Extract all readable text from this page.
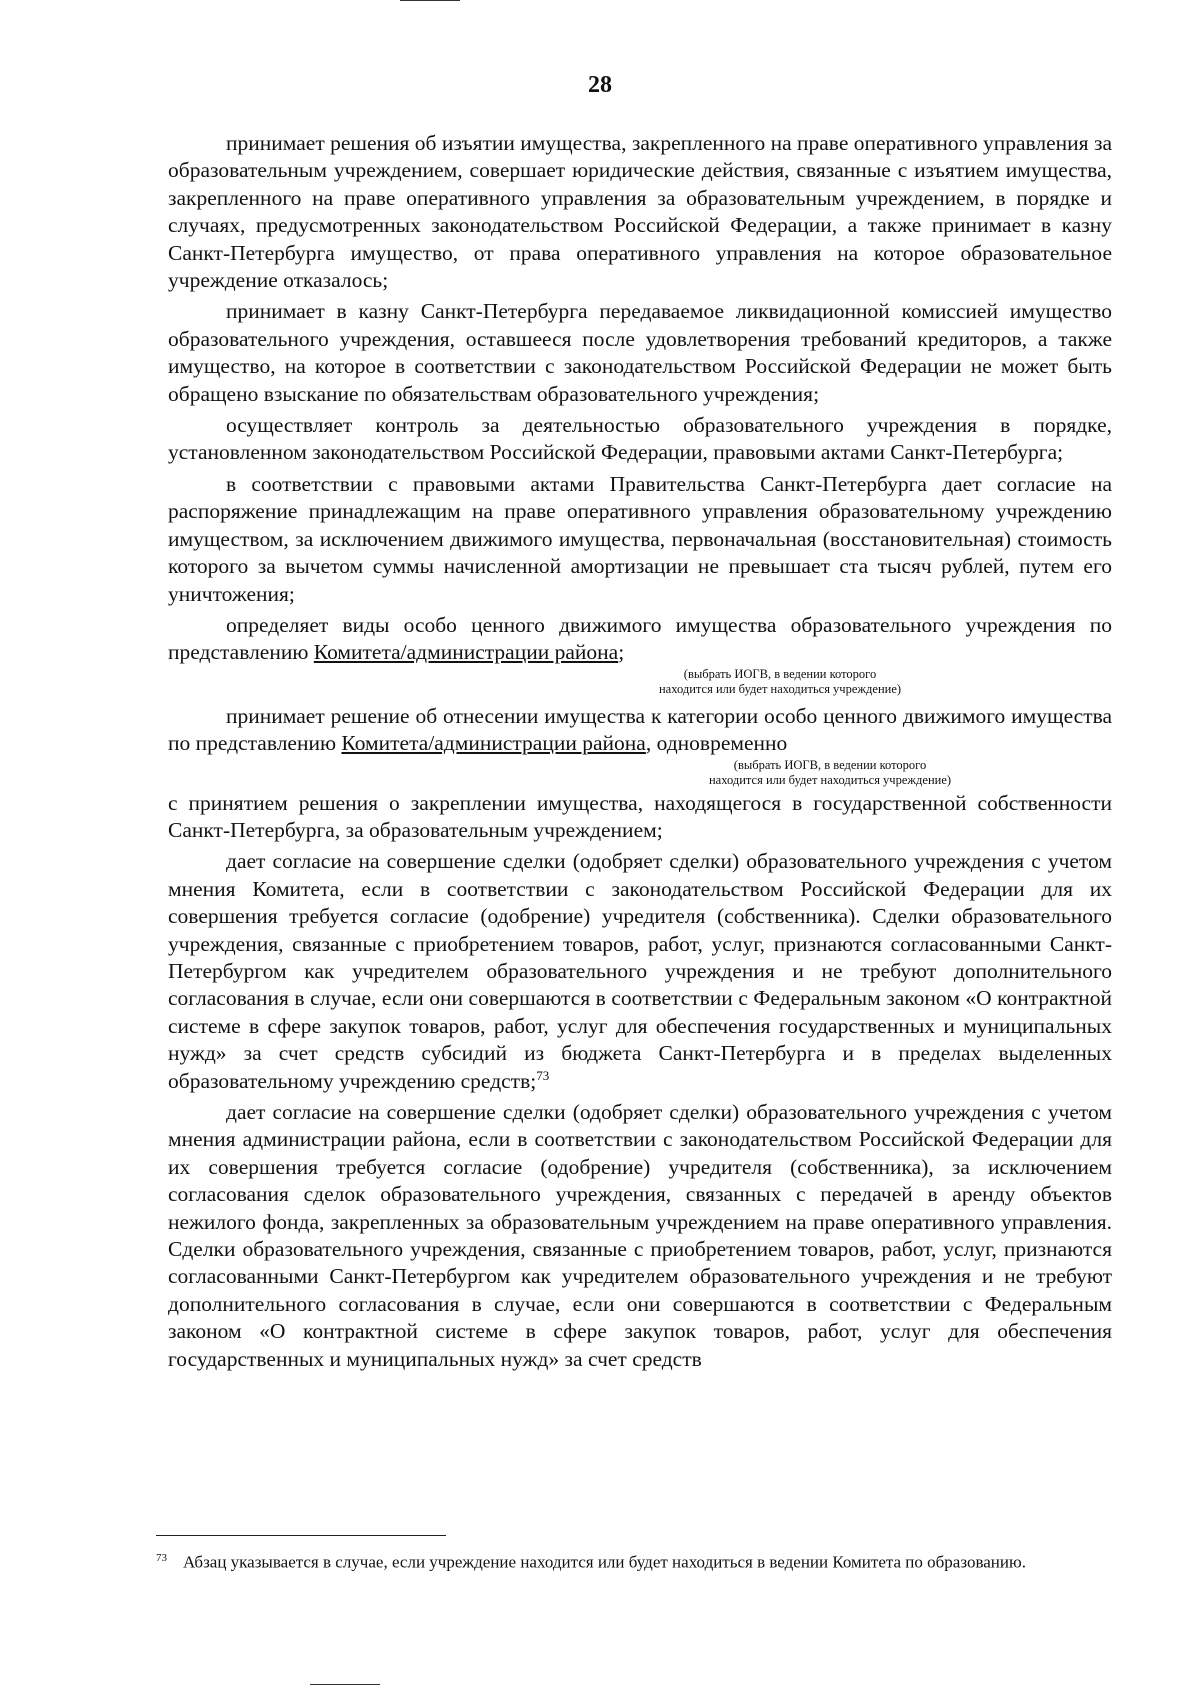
28

принимает решения об изъятии имущества, закрепленного на праве оперативного управления за образовательным учреждением, совершает юридические действия, связанные с изъятием имущества, закрепленного на праве оперативного управления за образовательным учреждением, в порядке и случаях, предусмотренных законодательством Российской Федерации, а также принимает в казну Санкт-Петербурга имущество, от права оперативного управления на которое образовательное учреждение отказалось;

принимает в казну Санкт-Петербурга передаваемое ликвидационной комиссией имущество образовательного учреждения, оставшееся после удовлетворения требований кредиторов, а также имущество, на которое в соответствии с законодательством Российской Федерации не может быть обращено взыскание по обязательствам образовательного учреждения;

осуществляет контроль за деятельностью образовательного учреждения в порядке, установленном законодательством Российской Федерации, правовыми актами Санкт-Петербурга;

в соответствии с правовыми актами Правительства Санкт-Петербурга дает согласие на распоряжение принадлежащим на праве оперативного управления образовательному учреждению имуществом, за исключением движимого имущества, первоначальная (восстановительная) стоимость которого за вычетом суммы начисленной амортизации не превышает ста тысяч рублей, путем его уничтожения;

определяет виды особо ценного движимого имущества образовательного учреждения по представлению Комитета/администрации района;

(выбрать ИОГВ, в ведении которого
находится или будет находиться учреждение)

принимает решение об отнесении имущества к категории особо ценного движимого имущества по представлению Комитета/администрации района, одновременно

(выбрать ИОГВ, в ведении которого
находится или будет находиться учреждение)

с принятием решения о закреплении имущества, находящегося в государственной собственности Санкт-Петербурга, за образовательным учреждением;

дает согласие на совершение сделки (одобряет сделки) образовательного учреждения с учетом мнения Комитета, если в соответствии с законодательством Российской Федерации для их совершения требуется согласие (одобрение) учредителя (собственника). Сделки образовательного учреждения, связанные с приобретением товаров, работ, услуг, признаются согласованными Санкт-Петербургом как учредителем образовательного учреждения и не требуют дополнительного согласования в случае, если они совершаются в соответствии с Федеральным законом «О контрактной системе в сфере закупок товаров, работ, услуг для обеспечения государственных и муниципальных нужд» за счет средств субсидий из бюджета Санкт-Петербурга и в пределах выделенных образовательному учреждению средств;$^{73}$

дает согласие на совершение сделки (одобряет сделки) образовательного учреждения с учетом мнения администрации района, если в соответствии с законодательством Российской Федерации для их совершения требуется согласие (одобрение) учредителя (собственника), за исключением согласования сделок образовательного учреждения, связанных с передачей в аренду объектов нежилого фонда, закрепленных за образовательным учреждением на праве оперативного управления. Сделки образовательного учреждения, связанные с приобретением товаров, работ, услуг, признаются согласованными Санкт-Петербургом как учредителем образовательного учреждения и не требуют дополнительного согласования в случае, если они совершаются в соответствии с Федеральным законом «О контрактной системе в сфере закупок товаров, работ, услуг для обеспечения государственных и муниципальных нужд» за счет средств

$^{73}$ Абзац указывается в случае, если учреждение находится или будет находиться в ведении Комитета по образованию.
